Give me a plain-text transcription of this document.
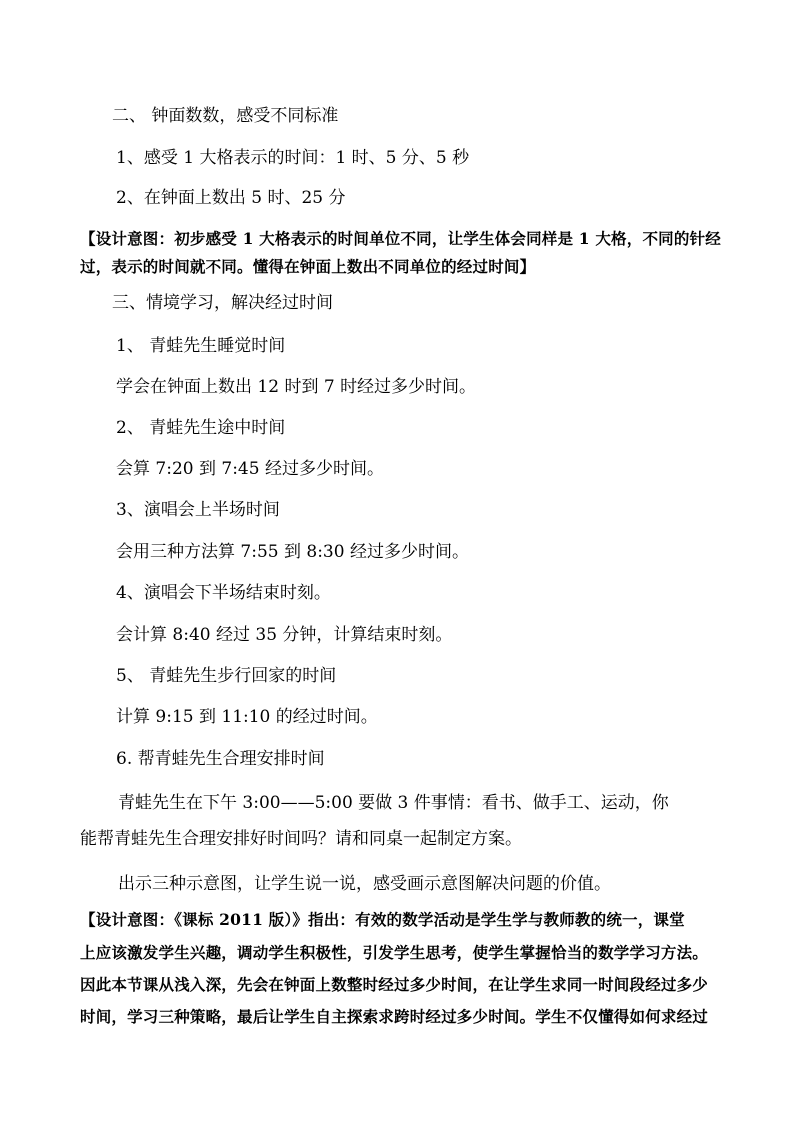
二、 钟面数数，感受不同标准
1、感受 1 大格表示的时间：1 时、5 分、5 秒
2、在钟面上数出 5 时、25 分
【设计意图：初步感受 1 大格表示的时间单位不同，让学生体会同样是 1 大格，不同的针经
过，表示的时间就不同。懂得在钟面上数出不同单位的经过时间】
三、情境学习，解决经过时间
1、 青蛙先生睡觉时间
学会在钟面上数出 12 时到 7 时经过多少时间。
2、 青蛙先生途中时间
会算 7:20 到 7:45 经过多少时间。
3、演唱会上半场时间
会用三种方法算 7:55 到 8:30 经过多少时间。
4、演唱会下半场结束时刻。
会计算 8:40 经过 35 分钟，计算结束时刻。
5、 青蛙先生步行回家的时间
计算 9:15 到 11:10 的经过时间。
6. 帮青蛙先生合理安排时间
青蛙先生在下午 3:00——5:00 要做 3 件事情：看书、做手工、运动，你
能帮青蛙先生合理安排好时间吗？请和同桌一起制定方案。
出示三种示意图，让学生说一说，感受画示意图解决问题的价值。
【设计意图：《课标 2011 版）》指出：有效的数学活动是学生学与教师教的统一，课堂
上应该激发学生兴趣，调动学生积极性，引发学生思考，使学生掌握恰当的数学学习方法。
因此本节课从浅入深，先会在钟面上数整时经过多少时间，在让学生求同一时间段经过多少
时间，学习三种策略，最后让学生自主探索求跨时经过多少时间。学生不仅懂得如何求经过
